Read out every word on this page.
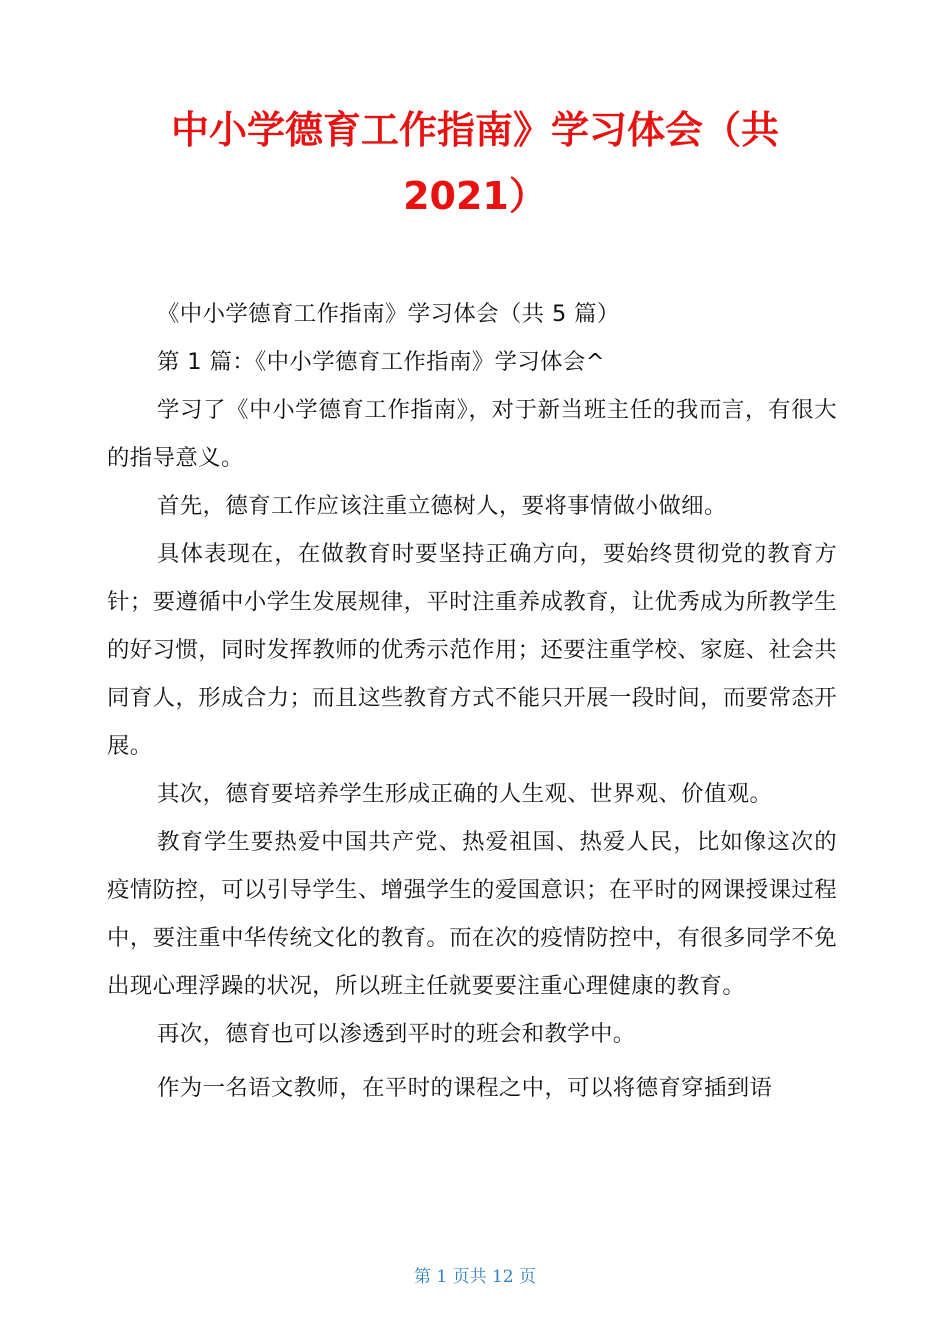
中小学德育工作指南》学习体会（共
2021）

《中小学德育工作指南》学习体会（共 5 篇）

第 1 篇：《中小学德育工作指南》学习体会^

学习了《中小学德育工作指南》，对于新当班主任的我而言，有很大的指导意义。

首先，德育工作应该注重立德树人，要将事情做小做细。

具体表现在，在做教育时要坚持正确方向，要始终贯彻党的教育方针；要遵循中小学生发展规律，平时注重养成教育，让优秀成为所教学生的好习惯，同时发挥教师的优秀示范作用；还要注重学校、家庭、社会共同育人，形成合力；而且这些教育方式不能只开展一段时间，而要常态开展。

其次，德育要培养学生形成正确的人生观、世界观、价值观。

教育学生要热爱中国共产党、热爱祖国、热爱人民，比如像这次的疫情防控，可以引导学生、增强学生的爱国意识；在平时的网课授课过程中，要注重中华传统文化的教育。而在次的疫情防控中，有很多同学不免出现心理浮躁的状况，所以班主任就要要注重心理健康的教育。

再次，德育也可以渗透到平时的班会和教学中。

作为一名语文教师，在平时的课程之中，可以将德育穿插到语

第 1 页共 12 页
